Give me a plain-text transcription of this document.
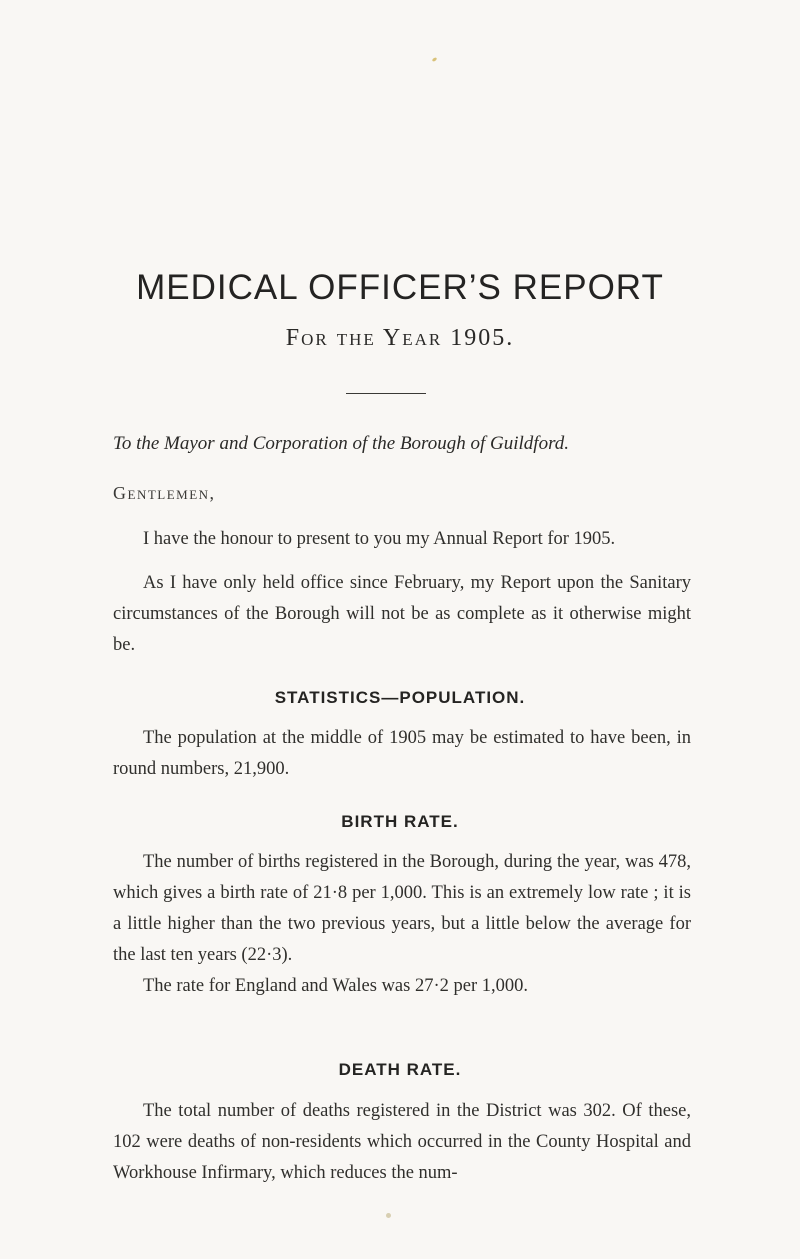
MEDICAL OFFICER’S REPORT
For the Year 1905.
To the Mayor and Corporation of the Borough of Guildford.
Gentlemen,
I have the honour to present to you my Annual Report for 1905.
As I have only held office since February, my Report upon the Sanitary circumstances of the Borough will not be as complete as it otherwise might be.
STATISTICS—POPULATION.
The population at the middle of 1905 may be estimated to have been, in round numbers, 21,900.
BIRTH RATE.
The number of births registered in the Borough, during the year, was 478, which gives a birth rate of 21·8 per 1,000. This is an extremely low rate ; it is a little higher than the two previous years, but a little below the average for the last ten years (22·3).
The rate for England and Wales was 27·2 per 1,000.
DEATH RATE.
The total number of deaths registered in the District was 302. Of these, 102 were deaths of non-residents which occurred in the County Hospital and Workhouse Infirmary, which reduces the num-
